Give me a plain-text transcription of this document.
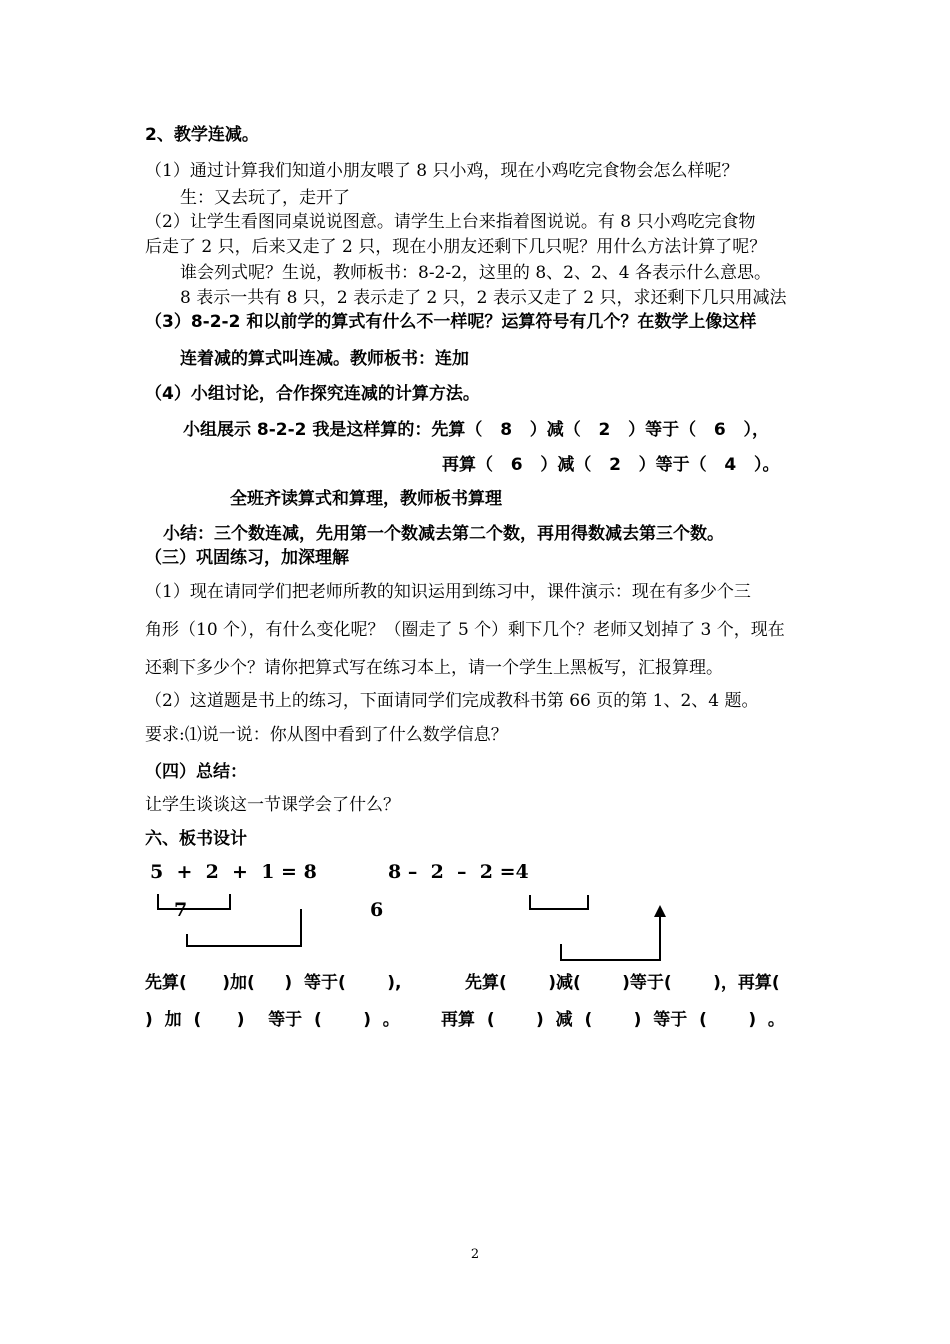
2、教学连减。
（1）通过计算我们知道小朋友喂了 8 只小鸡，现在小鸡吃完食物会怎么样呢？
生：又去玩了，走开了
（2）让学生看图同桌说说图意。请学生上台来指着图说说。有 8 只小鸡吃完食物
后走了 2 只，后来又走了 2 只，现在小朋友还剩下几只呢？用什么方法计算了呢？
谁会列式呢？生说，教师板书：8-2-2，这里的 8、2、2、4 各表示什么意思。
8 表示一共有 8 只，2 表示走了 2 只，2 表示又走了 2 只，求还剩下几只用减法
（3）8-2-2 和以前学的算式有什么不一样呢？运算符号有几个？在数学上像这样
连着减的算式叫连减。教师板书：连加
（4）小组讨论，合作探究连减的计算方法。
小组展示 8-2-2 我是这样算的：先算（   8   ）减（   2   ）等于（   6   ），
再算（   6   ）减（   2   ）等于（   4   ）。
全班齐读算式和算理，教师板书算理
小结：三个数连减，先用第一个数减去第二个数，再用得数减去第三个数。
（三）巩固练习，加深理解
（1）现在请同学们把老师所教的知识运用到练习中，课件演示：现在有多少个三
角形（10 个），有什么变化呢？（圈走了 5 个）剩下几个？老师又划掉了 3 个，现在
还剩下多少个？请你把算式写在练习本上，请一个学生上黑板写，汇报算理。
（2）这道题是书上的练习，下面请同学们完成教科书第 66 页的第 1、2、4 题。
要求:⑴说一说：你从图中看到了什么数学信息？
（四）总结：
让学生谈谈这一节课学会了什么？
六、板书设计
5  +  2  +  1 = 8	8 –  2  –  2 =4
7	6
先算(      )加(     )  等于(       ),	先算(       )减(       )等于(       )，再算(
)  加  (      )    等于  (       )  。 再算  (       )  减  (       )  等于  (       )  。
2
